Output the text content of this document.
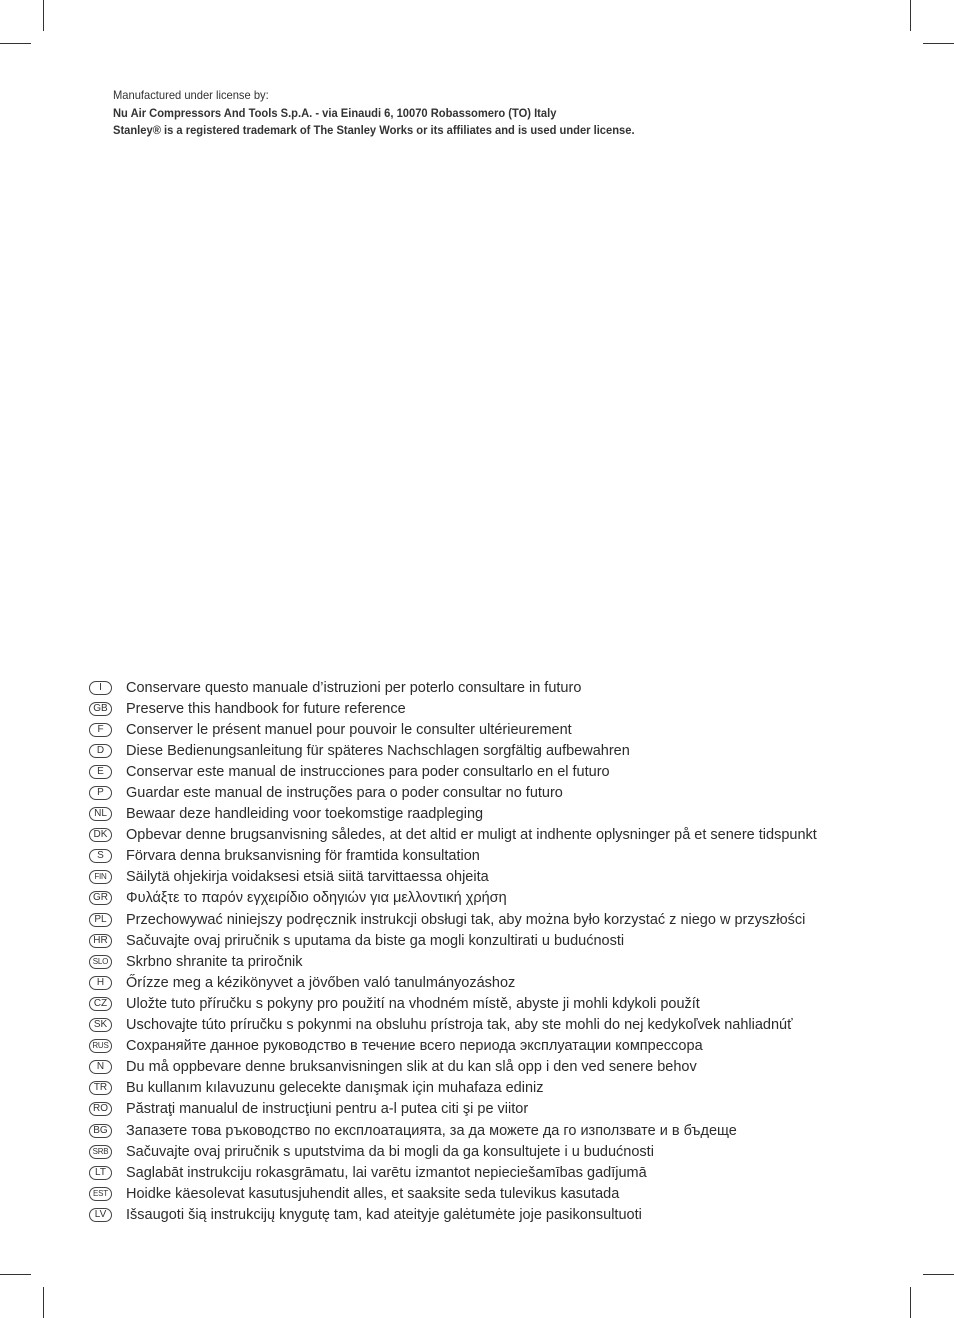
Manufactured under license by:
Nu Air Compressors And Tools S.p.A. - via Einaudi 6, 10070 Robassomero (TO) Italy
Stanley® is a registered trademark of The Stanley Works or its affiliates and is used under license.
I	Conservare questo manuale d’istruzioni per poterlo consultare in futuro
GB Preserve this handbook for future reference
F	Conserver le présent manuel pour pouvoir le consulter ultérieurement
D	Diese Bedienungsanleitung für späteres Nachschlagen sorgfältig aufbewahren
E	Conservar este manual de instrucciones para poder consultarlo en el futuro
P	Guardar este manual de instruções para o poder consultar no futuro
NL	Bewaar deze handleiding voor toekomstige raadpleging
DK	Opbevar denne brugsanvisning således, at det altid er muligt at indhente oplysninger på et senere tidspunkt
S	Förvara denna bruksanvisning för framtida konsultation
FIN	Säilytä ohjekirja voidaksesi etsiä siitä tarvittaessa ohjeita
GR Φυλάξτε το παρόν εγχειρίδιο οδηγιών για μελλοντική χρήση
PL	Przechowywać niniejszy podręcznik instrukcji obsługi tak, aby można było korzystać z niego w przyszłości
HR Sačuvajte ovaj priručnik s uputama da biste ga mogli konzultirati u budućnosti
SLO Skrbno shranite ta priročnik
H	Őrízze meg a kézikönyvet a jövőben való tanulmányozáshoz
CZ	Uložte tuto příručku s pokyny pro použití na vhodném místě, abyste ji mohli kdykoli použít
SK	Uschovajte túto príručku s pokynmi na obsluhu prístroja tak, aby ste mohli do nej kedykoľvek nahliadnúť
RUS Сохраняйте данное руководство в течение всего периода эксплуатации компрессора
N	Du må oppbevare denne bruksanvisningen slik at du kan slå opp i den ved senere behov
TR	Bu kullanım kılavuzunu gelecekte danışmak için muhafaza ediniz
RO Păstraţi manualul de instrucţiuni pentru a-l putea citi şi pe viitor
BG Запазете това ръководство по експлоатацията, за да можете да го използвате и в бъдеще
SRB Sačuvajte ovaj priručnik s uputstvima da bi mogli da ga konsultujete i u budućnosti
LT	Saglabāt instrukciju rokasgrāmatu, lai varētu izmantot nepieciešamības gadījumā
EST Hoidke käesolevat kasutusjuhendit alles, et saaksite seda tulevikus kasutada
LV	Išsaugoti šią instrukcijų knygutę tam, kad ateityje galėtumėte joje pasikonsultuoti
